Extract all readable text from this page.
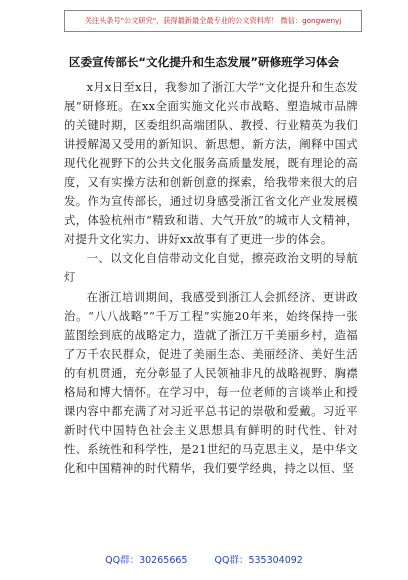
关注头条号"公文研究"，获得最新最全最专业的公文资料库！ 微信：gongwenyj
区委宣传部长“文化提升和生态发展”研修班学习体会

x月x日至x日，我参加了浙江大学“文化提升和生态发展”研修班。在xx全面实施文化兴市战略、塑造城市品牌的关键时期，区委组织高端团队、教授、行业精英为我们讲授解渴又受用的新知识、新思想、新方法，阐释中国式现代化视野下的公共文化服务高质量发展，既有理论的高度，又有实操方法和创新创意的探索，给我带来很大的启发。作为宣传部长，通过切身感受浙江省文化产业发展模式，体验杭州市“精致和谐、大气开放”的城市人文精神，对提升文化实力、讲好xx故事有了更进一步的体会。

一、以文化自信带动文化自觉，擦亮政治文明的导航灯

在浙江培训期间，我感受到浙江人会抓经济、更讲政治。“八八战略”“千万工程”实施20年来，始终保持一张蓝图绘到底的战略定力，造就了浙江万千美丽乡村，造福了万千农民群众，促进了美丽生态、美丽经济、美好生活的有机贯通，充分彰显了人民领袖非凡的战略视野、胸襟格局和博大情怀。在学习中，每一位老师的言谈举止和授课内容中都充满了对习近平总书记的崇敬和爱戴。习近平新时代中国特色社会主义思想具有鲜明的时代性、针对性、系统性和科学性，是21世纪的马克思主义，是中华文化和中国精神的时代精华，我们要学经典，持之以恒、坚

QQ群：30265665	QQ群：535304092
